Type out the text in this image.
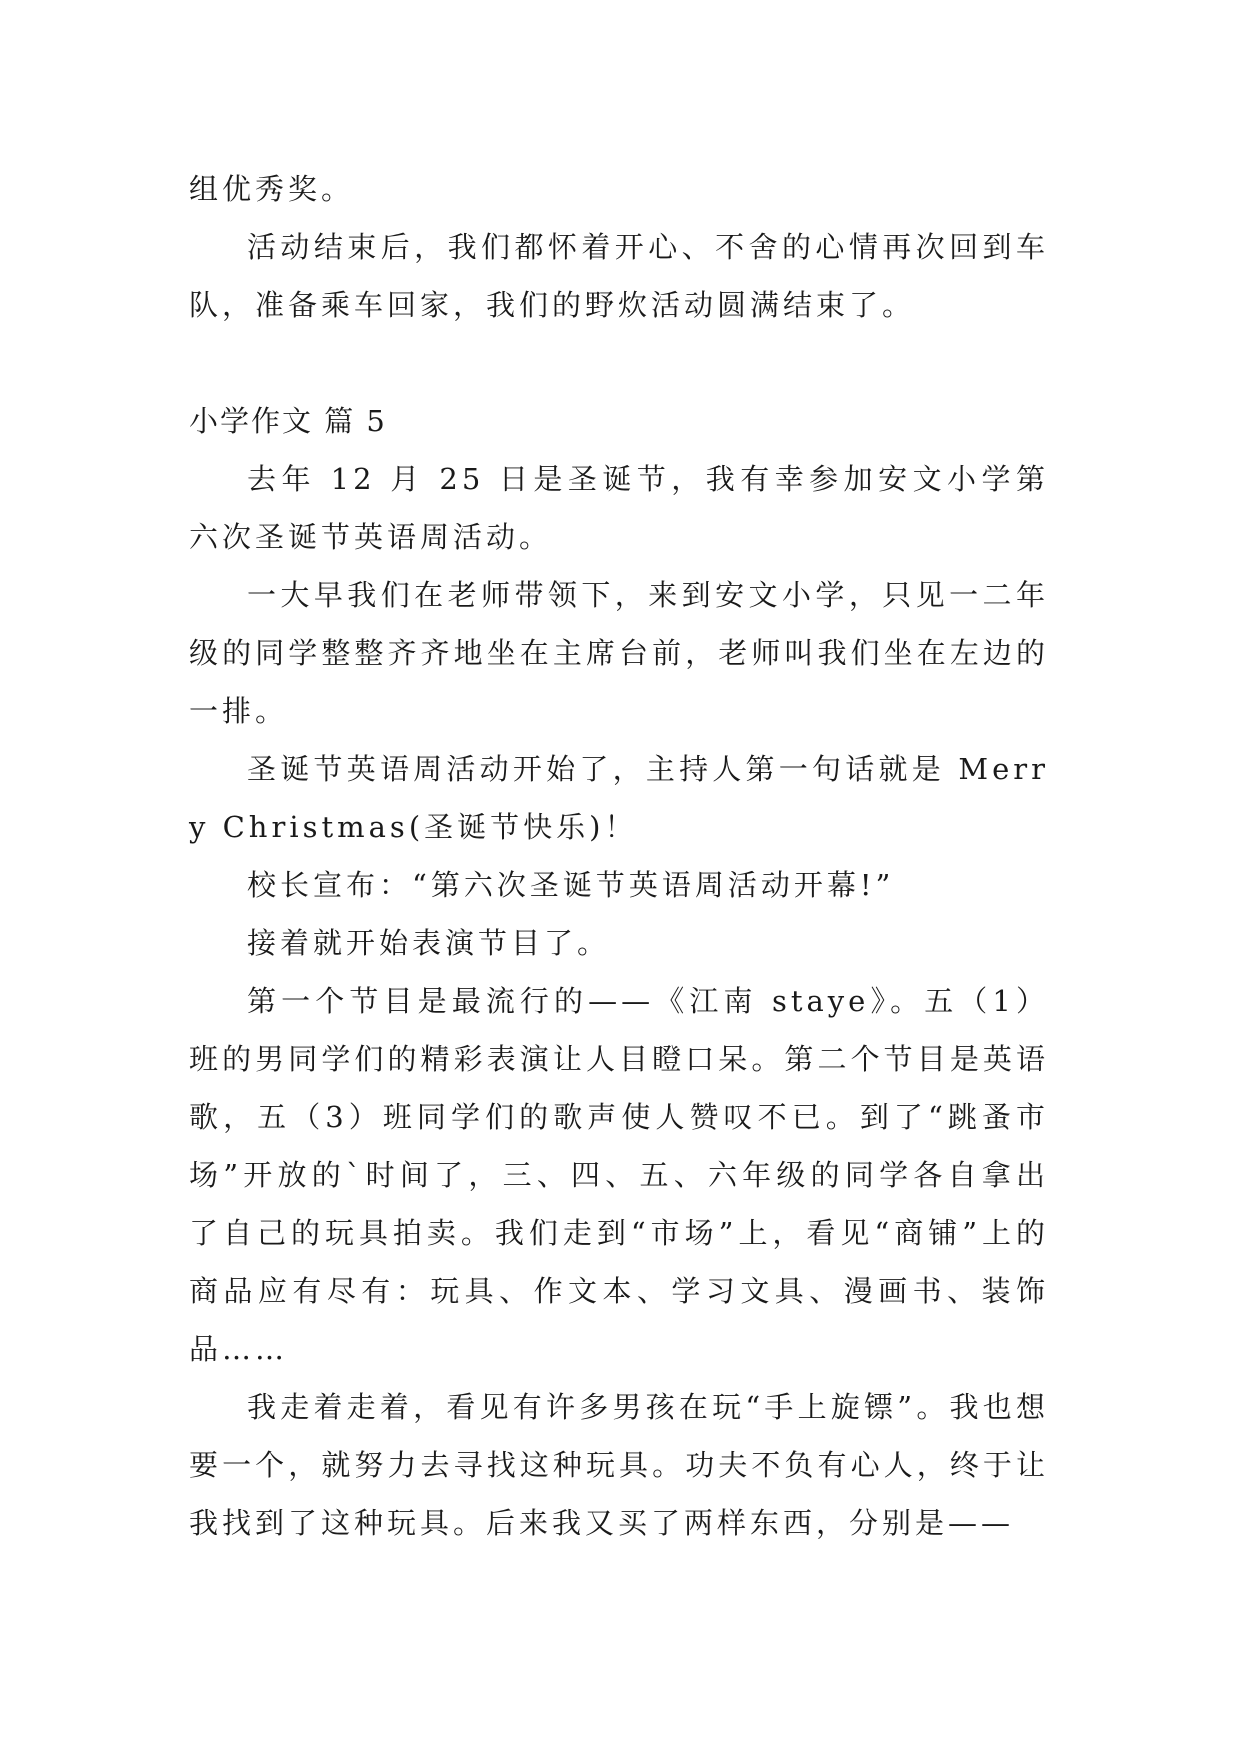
组优秀奖。

活动结束后，我们都怀着开心、不舍的心情再次回到车队，准备乘车回家，我们的野炊活动圆满结束了。

小学作文 篇 5

去年 12 月 25 日是圣诞节，我有幸参加安文小学第六次圣诞节英语周活动。

一大早我们在老师带领下，来到安文小学，只见一二年级的同学整整齐齐地坐在主席台前，老师叫我们坐在左边的一排。

圣诞节英语周活动开始了，主持人第一句话就是 Merry Christmas(圣诞节快乐)！

校长宣布：“第六次圣诞节英语周活动开幕!”

接着就开始表演节目了。

第一个节目是最流行的——《江南 staye》。五（1）班的男同学们的精彩表演让人目瞪口呆。第二个节目是英语歌，五（3）班同学们的歌声使人赞叹不已。到了“跳蚤市场”开放的`时间了，三、四、五、六年级的同学各自拿出了自己的玩具拍卖。我们走到“市场”上，看见“商铺”上的商品应有尽有：玩具、作文本、学习文具、漫画书、装饰品……

我走着走着，看见有许多男孩在玩“手上旋镖”。我也想要一个，就努力去寻找这种玩具。功夫不负有心人，终于让我找到了这种玩具。后来我又买了两样东西，分别是——
